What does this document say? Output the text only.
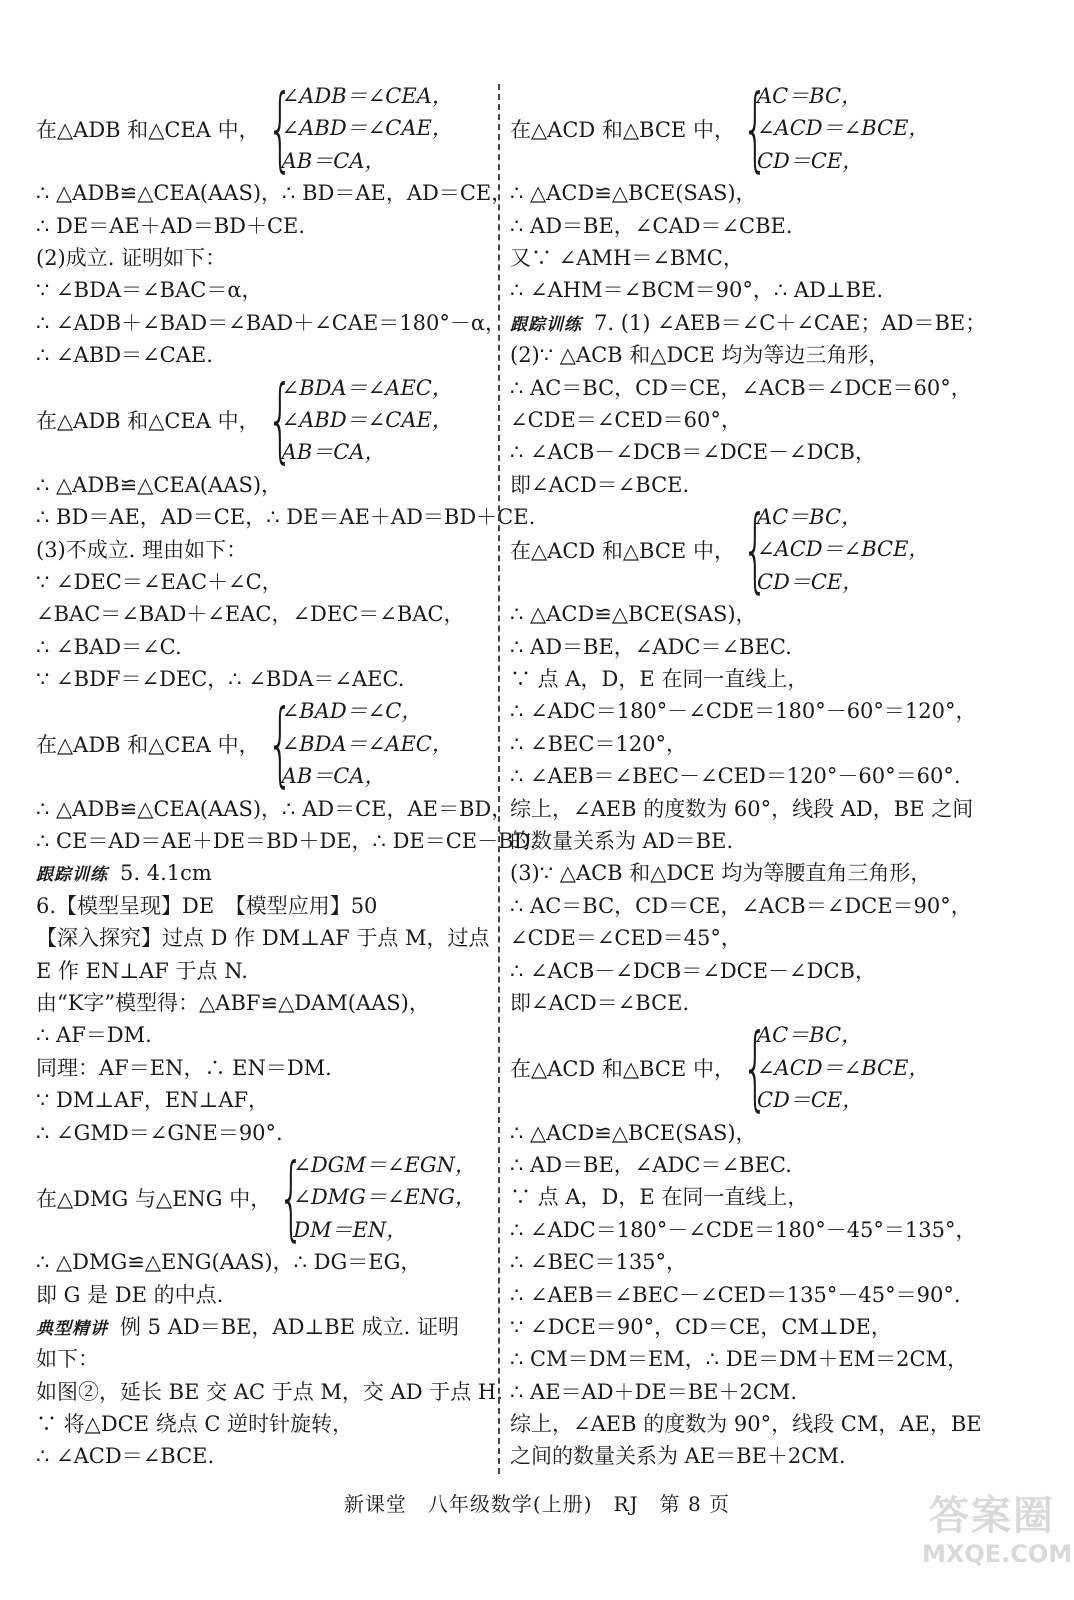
在△ADB 和△CEA 中， {
∠ADB＝∠CEA，
∠ABD＝∠CAE，
AB＝CA，
∴ △ADB≌△CEA(AAS)，∴ BD＝AE，AD＝CE，
∴ DE＝AE＋AD＝BD＋CE.
(2)成立. 证明如下：
∵ ∠BDA＝∠BAC＝α，
∴ ∠ADB＋∠BAD＝∠BAD＋∠CAE＝180°－α，
∴ ∠ABD＝∠CAE.
在△ADB 和△CEA 中， {
∠BDA＝∠AEC，
∠ABD＝∠CAE，
AB＝CA，
∴ △ADB≌△CEA(AAS)，
∴ BD＝AE，AD＝CE，∴ DE＝AE＋AD＝BD＋CE.
(3)不成立. 理由如下：
∵ ∠DEC＝∠EAC＋∠C，
∠BAC＝∠BAD＋∠EAC，∠DEC＝∠BAC，
∴ ∠BAD＝∠C.
∵ ∠BDF＝∠DEC，∴ ∠BDA＝∠AEC.
在△ADB 和△CEA 中， {
∠BAD＝∠C，
∠BDA＝∠AEC，
AB＝CA，
∴ △ADB≌△CEA(AAS)，∴ AD＝CE，AE＝BD，
∴ CE＝AD＝AE＋DE＝BD＋DE，∴ DE＝CE－BD.
跟踪训练 5. 4.1cm
6.【模型呈现】DE　【模型应用】50
【深入探究】过点 D 作 DM⊥AF 于点 M，过点
E 作 EN⊥AF 于点 N.
由“K字”模型得：△ABF≌△DAM(AAS)，
∴ AF＝DM.
同理：AF＝EN，∴ EN＝DM.
∵ DM⊥AF，EN⊥AF，
∴ ∠GMD＝∠GNE＝90°.
在△DMG 与△ENG 中， {
∠DGM＝∠EGN，
∠DMG＝∠ENG，
DM＝EN，
∴ △DMG≌△ENG(AAS)，∴ DG＝EG，
即 G 是 DE 的中点.
典型精讲 例 5 AD＝BE，AD⊥BE 成立. 证明
如下：
如图②，延长 BE 交 AC 于点 M，交 AD 于点 H.
∵ 将△DCE 绕点 C 逆时针旋转，
∴ ∠ACD＝∠BCE.
在△ACD 和△BCE 中， {
AC＝BC，
∠ACD＝∠BCE，
CD＝CE，
∴ △ACD≌△BCE(SAS)，
∴ AD＝BE，∠CAD＝∠CBE.
又∵ ∠AMH＝∠BMC，
∴ ∠AHM＝∠BCM＝90°，∴ AD⊥BE.
跟踪训练 7. (1) ∠AEB＝∠C＋∠CAE；AD＝BE；
(2)∵ △ACB 和△DCE 均为等边三角形，
∴ AC＝BC，CD＝CE，∠ACB＝∠DCE＝60°，
∠CDE＝∠CED＝60°，
∴ ∠ACB－∠DCB＝∠DCE－∠DCB，
即∠ACD＝∠BCE.
在△ACD 和△BCE 中， {
AC＝BC，
∠ACD＝∠BCE，
CD＝CE，
∴ △ACD≌△BCE(SAS)，
∴ AD＝BE，∠ADC＝∠BEC.
∵ 点 A，D，E 在同一直线上，
∴ ∠ADC＝180°－∠CDE＝180°－60°＝120°，
∴ ∠BEC＝120°，
∴ ∠AEB＝∠BEC－∠CED＝120°－60°＝60°.
综上，∠AEB 的度数为 60°，线段 AD，BE 之间
的数量关系为 AD＝BE.
(3)∵ △ACB 和△DCE 均为等腰直角三角形，
∴ AC＝BC，CD＝CE，∠ACB＝∠DCE＝90°，
∠CDE＝∠CED＝45°，
∴ ∠ACB－∠DCB＝∠DCE－∠DCB，
即∠ACD＝∠BCE.
在△ACD 和△BCE 中， {
AC＝BC，
∠ACD＝∠BCE，
CD＝CE，
∴ △ACD≌△BCE(SAS)，
∴ AD＝BE，∠ADC＝∠BEC.
∵ 点 A，D，E 在同一直线上，
∴ ∠ADC＝180°－∠CDE＝180°－45°＝135°，
∴ ∠BEC＝135°，
∴ ∠AEB＝∠BEC－∠CED＝135°－45°＝90°.
∵ ∠DCE＝90°，CD＝CE，CM⊥DE，
∴ CM＝DM＝EM，∴ DE＝DM＋EM＝2CM，
∴ AE＝AD＋DE＝BE＋2CM.
综上，∠AEB 的度数为 90°，线段 CM，AE，BE
之间的数量关系为 AE＝BE＋2CM.
新课堂　八年级数学(上册)　RJ　第 8 页	答案圈
MXQE.COM
